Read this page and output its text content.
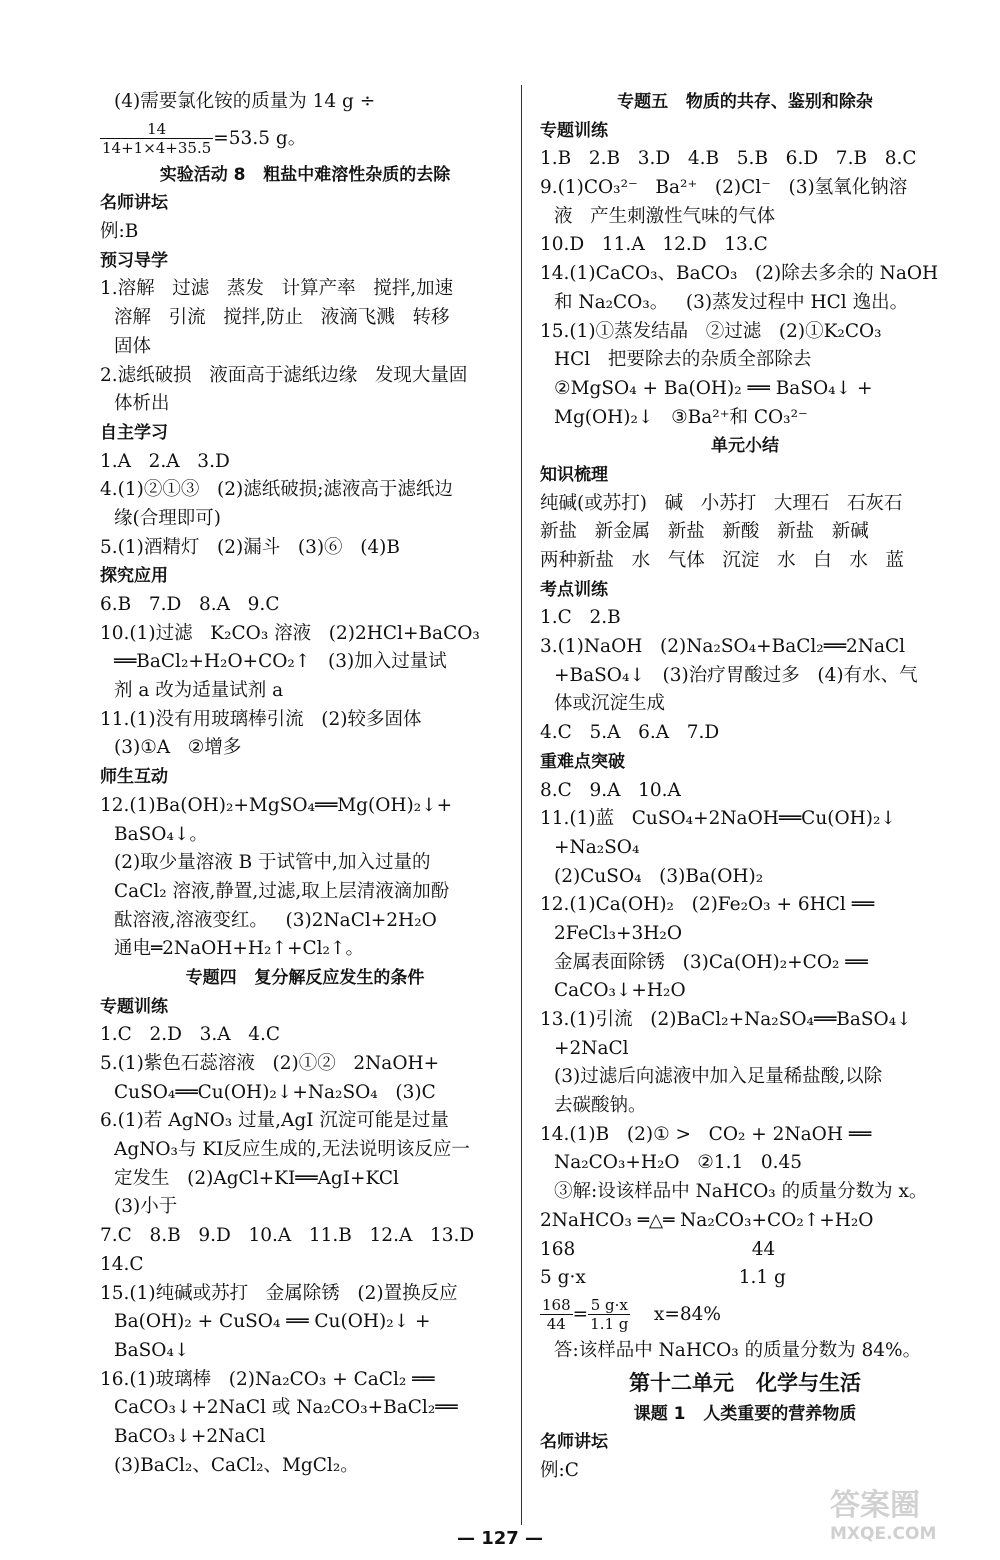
(4)需要氯化铵的质量为 14 g ÷
$\frac{14}{14+1\times 4+35.5} =53.5$ g。
实验活动 8   粗盐中难溶性杂质的去除
名师讲坛
例:B
预习导学
1.溶解   过滤   蒸发   计算产率   搅拌,加速
溶解   引流   搅拌,防止   液滴飞溅   转移
固体
2.滤纸破损   液面高于滤纸边缘   发现大量固
体析出
自主学习
1.A   2.A   3.D
4.(1)②①③   (2)滤纸破损;滤液高于滤纸边
缘(合理即可)
5.(1)酒精灯   (2)漏斗   (3)⑥   (4)B
探究应用
6.B   7.D   8.A   9.C
10.(1)过滤   K₂CO₃ 溶液   (2)2HCl+BaCO₃
══BaCl₂+H₂O+CO₂↑   (3)加入过量试
剂 a 改为适量试剂 a
11.(1)没有用玻璃棒引流   (2)较多固体
(3)①A   ②增多
师生互动
12.(1)Ba(OH)₂+MgSO₄══Mg(OH)₂↓+
BaSO₄↓。
(2)取少量溶液 B 于试管中,加入过量的
CaCl₂ 溶液,静置,过滤,取上层清液滴加酚
酞溶液,溶液变红。   (3)2NaCl+2H₂O
通电═2NaOH+H₂↑+Cl₂↑。
专题四   复分解反应发生的条件
专题训练
1.C   2.D   3.A   4.C
5.(1)紫色石蕊溶液   (2)①②   2NaOH+
CuSO₄══Cu(OH)₂↓+Na₂SO₄   (3)C
6.(1)若 AgNO₃ 过量,AgI 沉淀可能是过量
AgNO₃与 KI反应生成的,无法说明该反应一
定发生   (2)AgCl+KI══AgI+KCl
(3)小于
7.C   8.B   9.D   10.A   11.B   12.A   13.D
14.C
15.(1)纯碱或苏打   金属除锈   (2)置换反应
Ba(OH)₂ + CuSO₄ ══ Cu(OH)₂↓ +
BaSO₄↓
16.(1)玻璃棒   (2)Na₂CO₃ + CaCl₂ ══
CaCO₃↓+2NaCl 或 Na₂CO₃+BaCl₂══
BaCO₃↓+2NaCl
(3)BaCl₂、CaCl₂、MgCl₂。
专题五   物质的共存、鉴别和除杂
专题训练
1.B   2.B   3.D   4.B   5.B   6.D   7.B   8.C
9.(1)CO₃²⁻   Ba²⁺   (2)Cl⁻   (3)氢氧化钠溶
液   产生刺激性气味的气体
10.D   11.A   12.D   13.C
14.(1)CaCO₃、BaCO₃   (2)除去多余的 NaOH
和 Na₂CO₃。   (3)蒸发过程中 HCl 逸出。
15.(1)①蒸发结晶   ②过滤   (2)①K₂CO₃
HCl   把要除去的杂质全部除去
②MgSO₄ + Ba(OH)₂ ══ BaSO₄↓ +
Mg(OH)₂↓   ③Ba²⁺和 CO₃²⁻
单元小结
知识梳理
纯碱(或苏打)   碱   小苏打   大理石   石灰石
新盐   新金属   新盐   新酸   新盐   新碱
两种新盐   水   气体   沉淀   水   白   水   蓝
考点训练
1.C   2.B
3.(1)NaOH   (2)Na₂SO₄+BaCl₂══2NaCl
+BaSO₄↓   (3)治疗胃酸过多   (4)有水、气
体或沉淀生成
4.C   5.A   6.A   7.D
重难点突破
8.C   9.A   10.A
11.(1)蓝   CuSO₄+2NaOH══Cu(OH)₂↓
+Na₂SO₄
(2)CuSO₄   (3)Ba(OH)₂
12.(1)Ca(OH)₂   (2)Fe₂O₃ + 6HCl ══
2FeCl₃+3H₂O
金属表面除锈   (3)Ca(OH)₂+CO₂ ══
CaCO₃↓+H₂O
13.(1)引流   (2)BaCl₂+Na₂SO₄══BaSO₄↓
+2NaCl
(3)过滤后向滤液中加入足量稀盐酸,以除
去碳酸钠。
14.(1)B   (2)① >   CO₂ + 2NaOH ══
Na₂CO₃+H₂O   ②1.1   0.45
③解:设该样品中 NaHCO₃ 的质量分数为 x。
2NaHCO₃ ═△═ Na₂CO₃+CO₂↑+H₂O
168                              44
5 g·x                          1.1 g
$\frac{168}{44} = \frac{5 g\cdot x}{1.1 g} x=84\%$
答:该样品中 NaHCO₃ 的质量分数为 84%。
第十二单元   化学与生活
课题 1   人类重要的营养物质
名师讲坛
例:C
— 127 —
答案圈
MXQE.COM
